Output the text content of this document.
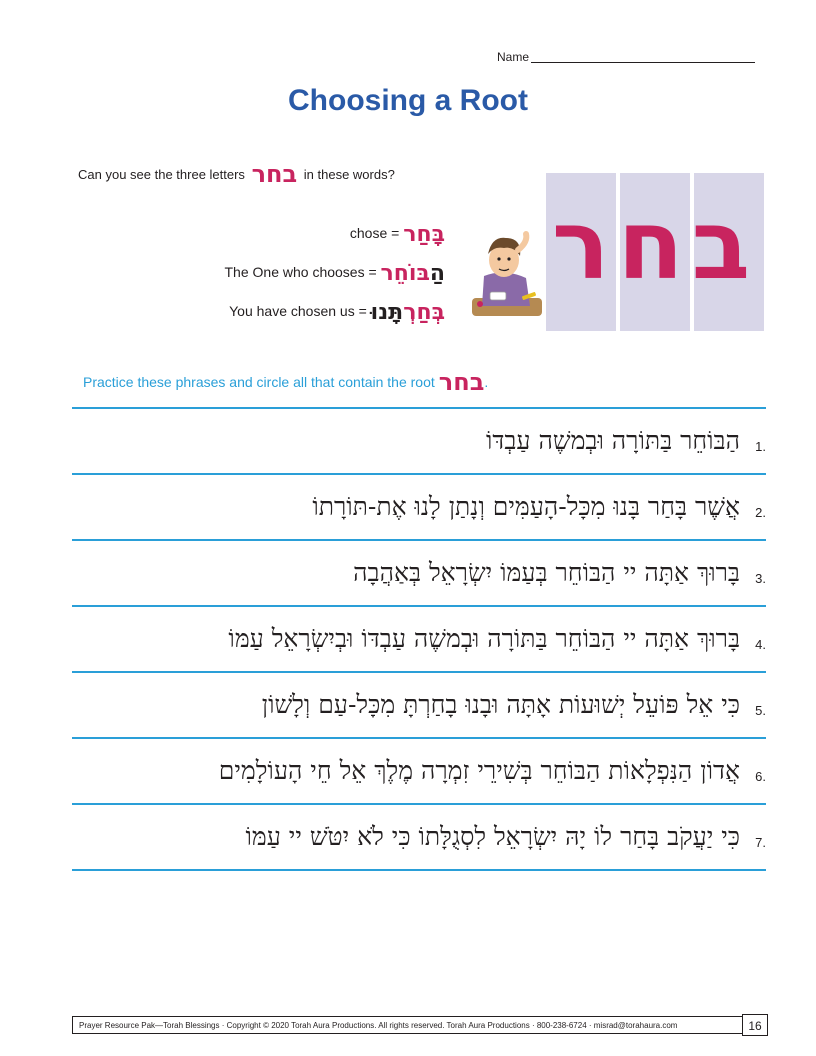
Name
Choosing a Root
Can you see the three letters בחר in these words?
chose = בָּחַר
The One who chooses = הַבּוֹחֵר
You have chosen us = בְּחַרְתָּנוּ
בחר
Practice these phrases and circle all that contain the root בחר.
הַבּוֹחֵר בַּתּוֹרָה וּבְמשֶׁה עַבְדּוֹ	1.
אֲשֶׁר בָּחַר בָּנוּ מִכָּל-הָעַמִּים וְנָתַן לָנוּ אֶת-תּוֹרָתוֹ	2.
בָּרוּךְ אַתָּה יי הַבּוֹחֵר בְּעַמּוֹ יִשְׂרָאֵל בְּאַהֲבָה	3.
בָּרוּךְ אַתָּה יי הַבּוֹחֵר בַּתּוֹרָה וּבְמשֶׁה עַבְדּוֹ וּבְיִשְׂרָאֵל עַמּוֹ	4.
כִּי אֵל פּוֹעֵל יְשׁוּעוֹת אָתָּה וּבָנוּ בָחַרְתָּ מִכָּל-עַם וְלָשׁוֹן	5.
אֲדוֹן הַנִּפְלָאוֹת הַבּוֹחֵר בְּשִׁירֵי זִמְרָה מֶלֶךְ אֵל חֵי הָעוֹלָמִים	6.
כִּי יַעֲקֹב בָּחַר לוֹ יָהּ יִשְׂרָאֵל לִסְגֻלָּתוֹ כִּי לֹא יִטֹּשׁ יי עַמּוֹ	7.
Prayer Resource Pak—Torah Blessings · Copyright © 2020 Torah Aura Productions. All rights reserved. Torah Aura Productions · 800-238-6724 · misrad@torahaura.com	16
